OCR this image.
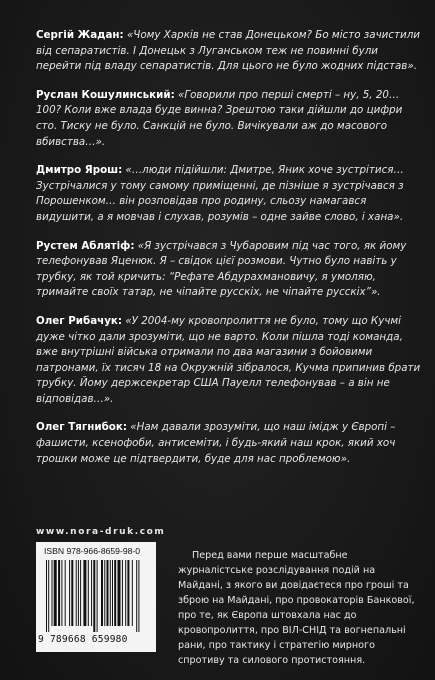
Сергій Жадан: «Чому Харків не став Донецьком? Бо місто зачистили від сепаратистів. І Донецьк з Луганськом теж не повинні були перейти під владу сепаратистів. Для цього не було жодних підстав».

Руслан Кошулинський: «Говорили про перші смерті – ну, 5, 20… 100? Коли вже влада буде винна? Зрештою таки дійшли до цифри сто. Тиску не було. Санкцій не було. Вичікували аж до масового вбивства…».

Дмитро Ярош: «…люди підійшли: Дмитре, Яник хоче зустрітися… Зустрічалися у тому самому приміщенні, де пізніше я зустрічався з Порошенком… він розповідав про родину, сльозу намагався видушити, а я мовчав і слухав, розумів – одне зайве слово, і хана».

Рустем Аблятіф: «Я зустрічався з Чубаровим під час того, як йому телефонував Яценюк. Я – свідок цієї розмови. Чутно було навіть у трубку, як той кричить: “Рефате Абдурахмановичу, я умоляю, тримайте своїх татар, не чіпайте русскіх, не чіпайте русскіх”».

Олег Рибачук: «У 2004-му кровопролиття не було, тому що Кучмі дуже чітко дали зрозуміти, що не варто. Коли пішла тоді команда, вже внутрішні війська отримали по два магазини з бойовими патронами, їх тисяч 18 на Окружній зібралося, Кучма припинив брати трубку. Йому держсекретар США Пауелл телефонував – а він не відповідав…».

Олег Тягнибок: «Нам давали зрозуміти, що наш імідж у Європі – фашисти, ксенофоби, антисеміти, і будь-який наш крок, який хоч трошки може це підтвердити, буде для нас проблемою».

www.nora-druk.com
ISBN 978-966-8659-98-0
9 789668 659980
Перед вами перше масштабне журналістське розслідування подій на Майдані, з якого ви довідаєтеся про гроші та зброю на Майдані, про провокаторів Банкової, про те, як Європа штовхала нас до кровопролиття, про ВІЛ-СНІД та вогнепальні рани, про тактику і стратегію мирного спротиву та силового протистояння.
